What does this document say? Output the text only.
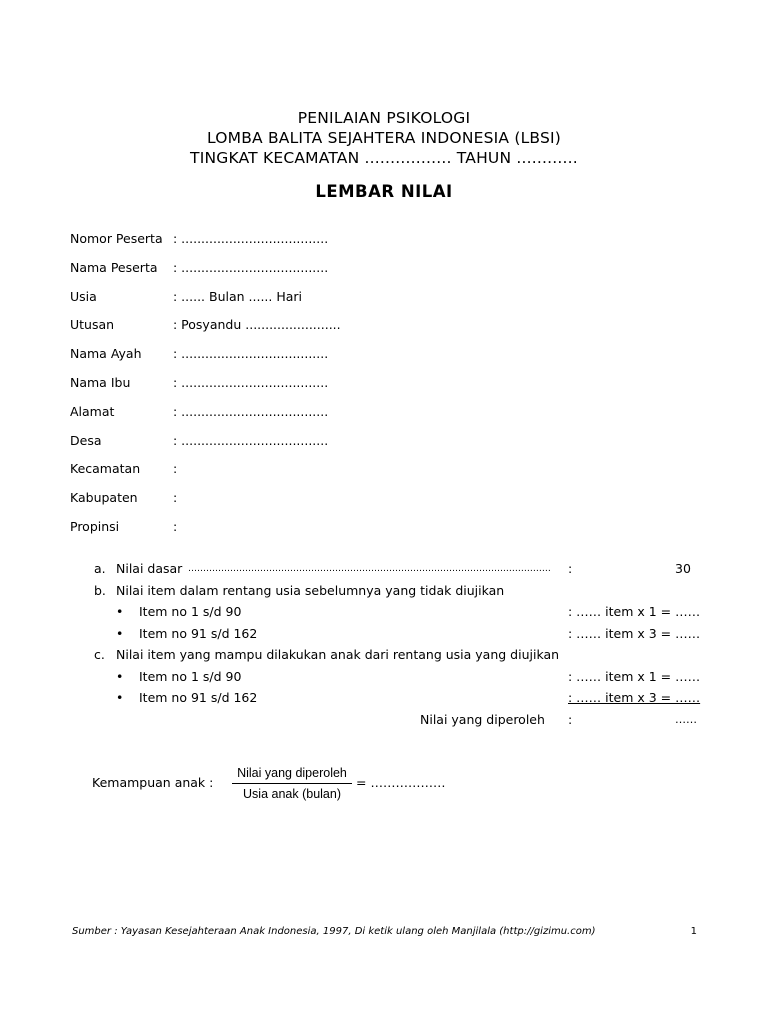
PENILAIAN PSIKOLOGI
LOMBA BALITA SEJAHTERA INDONESIA (LBSI)
TINGKAT KECAMATAN ................. TAHUN ............
LEMBAR NILAI
Nomor Peserta : .....................................
Nama Peserta : .....................................
Usia	: ...... Bulan ...... Hari
Utusan	: Posyandu ........................
Nama Ayah	: .....................................
Nama Ibu	: .....................................
Alamat	: .....................................
Desa	: .....................................
Kecamatan	:
Kabupaten	:
Propinsi	:
a. Nilai dasar …………………………………………………………………………………………….……………	:	30
b. Nilai item dalam rentang usia sebelumnya yang tidak diujikan
• Item no 1 s/d 90	: …… item x 1 = ……
• Item no 91 s/d 162	: …… item x 3 = ……
c. Nilai item yang mampu dilakukan anak dari rentang usia yang diujikan
• Item no 1 s/d 90	: …… item x 1 = ……
• Item no 91 s/d 162	: …… item x 3 = ……
Nilai yang diperoleh :	……
Kemampuan anak :
Nilai yang diperoleh
Usia anak (bulan)
= ………………
Sumber : Yayasan Kesejahteraan Anak Indonesia, 1997, Di ketik ulang oleh Manjilala (http://gizimu.com)	1
